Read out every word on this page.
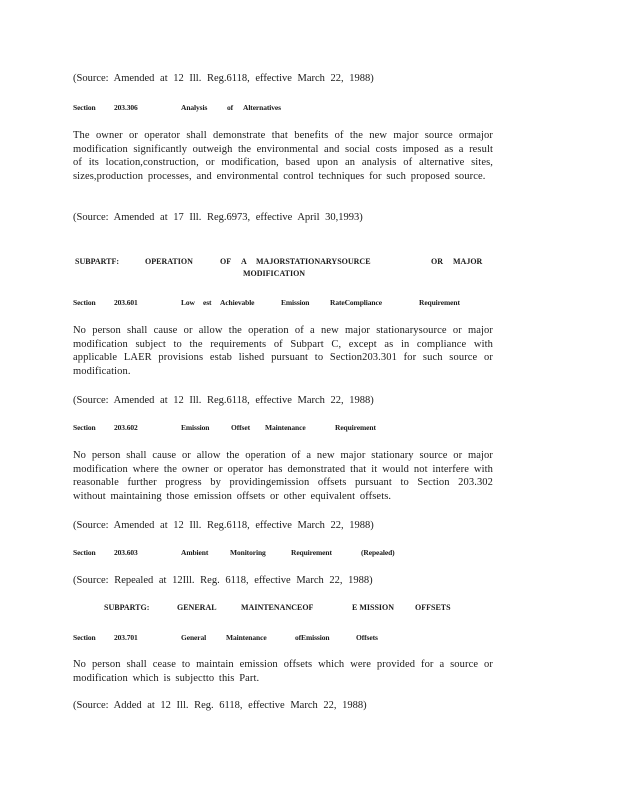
(Source: Amended at 12 Ill. Reg.6118, effective March 22, 1988)
Section 203.306	Analysis	of Alternatives
The owner or operator shall demonstrate that benefits of the new major source ormajor modification significantly outweigh the environmental and social costs imposed as a result of its location,construction, or modification, based upon an analysis of alternative sites, sizes,production processes, and environmental control techniques for such proposed source.
(Source: Amended at 17 Ill. Reg.6973, effective April 30,1993)
SUBPARTF:	OPERATION	OF A MAJORSTATIONARYSOURCE	OR MAJOR
MODIFICATION
Section 203.601	Low est Achievable	Emission	RateCompliance	Requirement
No person shall cause or allow the operation of a new major stationarysource or major modification subject to the requirements of Subpart C, except as in compliance with applicable LAER provisions estab lished pursuant to Section203.301 for such source or modification.
(Source: Amended at 12 Ill. Reg.6118, effective March 22, 1988)
Section 203.602	Emission	Offset Maintenance	Requirement
No person shall cause or allow the operation of a new major stationary source or major modification where the owner or operator has demonstrated that it would not interfere with reasonable further progress by providingemission offsets pursuant to Section 203.302 without maintaining those emission offsets or other equivalent offsets.
(Source: Amended at 12 Ill. Reg.6118, effective March 22, 1988)
Section 203.603	Ambient	Monitoring	Requirement	(Repealed)
(Source: Repealed at 12Ill. Reg. 6118, effective March 22, 1988)
SUBPARTG:	GENERAL	MAINTENANCEOF	E MISSION	OFFSETS
Section 203.701	General	Maintenance	ofEmission	Offsets
No person shall cease to maintain emission offsets which were provided for a source or modification which is subjectto this Part.
(Source: Added at 12 Ill. Reg. 6118, effective March 22, 1988)
